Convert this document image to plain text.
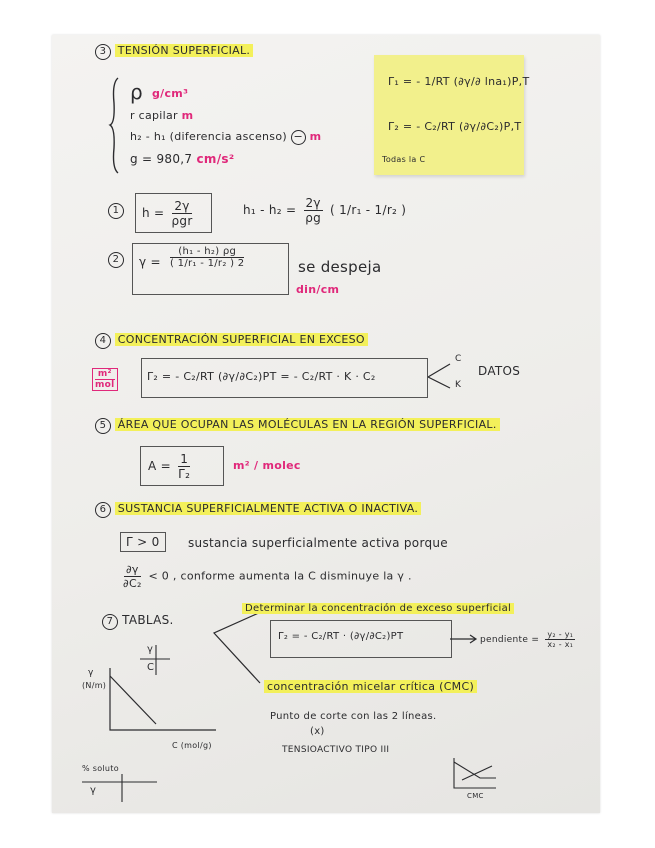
3 TENSIÓN SUPERFICIAL.
ρ g/cm³
r capilar m
h₂ - h₁ (diferencia ascenso) − m
g = 980,7 cm/s²
Γ₁ = - 1/RT (∂γ/∂ lna₁)P,T
Γ₂ = - C₂/RT (∂γ/∂C₂)P,T
Todas la C
1	$h = \frac{2\gamma}{\text{ρgr}}$	$h_1 - h_2 = \frac{2\gamma}{\rho g}$ ( 1/r₁ - 1/r₂ )
2	$\gamma = \frac{\text{(h₁ - h₂) ρg}}{\text{( 1/r₁ - 1/r₂ ) 2}}$	se despeja
din/cm
4 CONCENTRACIÓN SUPERFICIAL EN EXCESO
m²
mol
Γ₂ = - C₂/RT (∂γ/∂C₂)PT = - C₂/RT · K · C₂
C
K
DATOS
5 ÁREA QUE OCUPAN LAS MOLÉCULAS EN LA REGIÓN SUPERFICIAL.
$A = \frac{1}{\text{Γ₂}}$	m² / molec
6 SUSTANCIA SUPERFICIALMENTE ACTIVA O INACTIVA.
Γ > 0	sustancia superficialmente activa porque
$\frac{\partial\gamma}{\text{∂C₂}} < 0$ , conforme aumenta la C disminuye la γ .
7 TABLAS.
γ
C
Determinar la concentración de exceso superficial
Γ₂ = - C₂/RT · (∂γ/∂C₂)PT	pendiente = $\frac{\text{y₂ - y₁}}{\text{x₂ - x₁}}$
γ
(N/m)
C (mol/g)
concentración micelar crítica (CMC)
Punto de corte con las 2 líneas.
(x)
TENSIOACTIVO TIPO III
CMC
% soluto
γ
